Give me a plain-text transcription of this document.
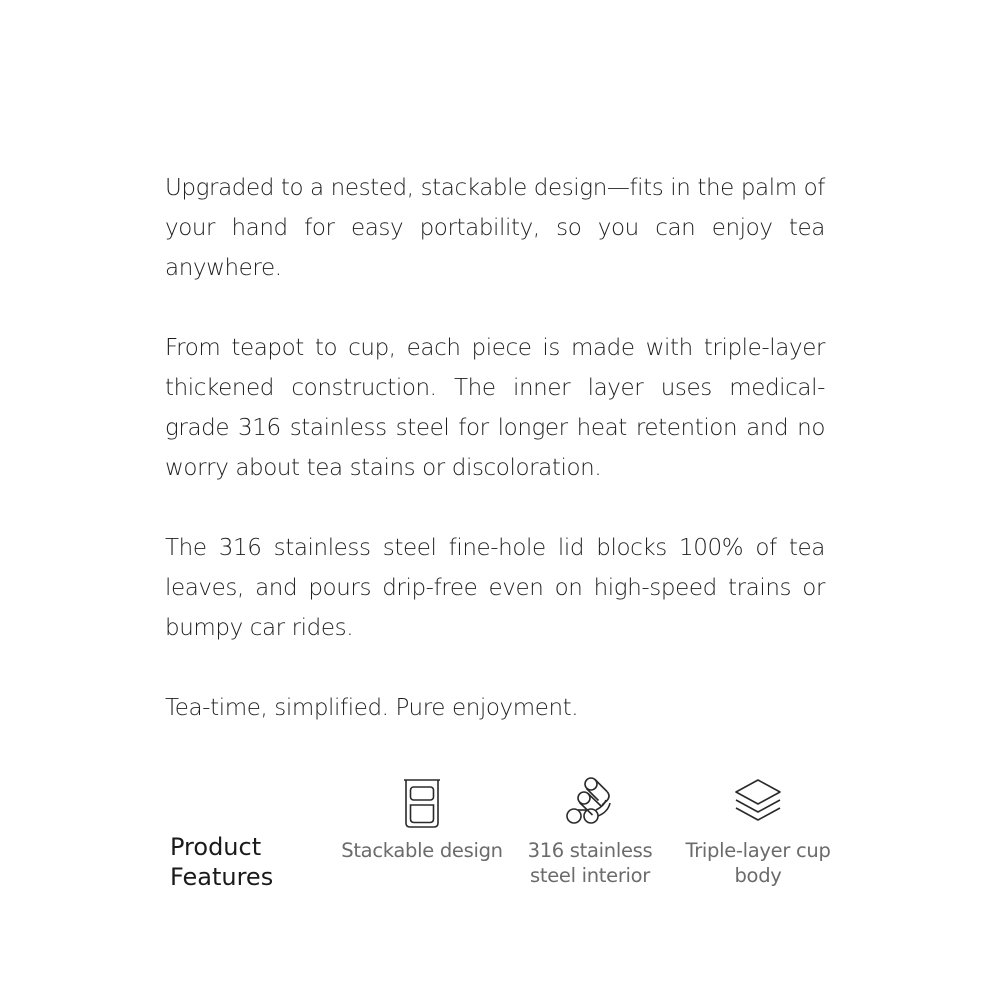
Upgraded to a nested, stackable design—fits in the palm of your hand for easy portability, so you can enjoy tea anywhere.

From teapot to cup, each piece is made with triple-layer thickened construction. The inner layer uses medical-grade 316 stainless steel for longer heat retention and no worry about tea stains or discoloration.

The 316 stainless steel fine-hole lid blocks 100% of tea leaves, and pours drip-free even on high-speed trains or bumpy car rides.

Tea-time, simplified. Pure enjoyment.

Product Features
Stackable design	316 stainless steel interior
Triple-layer cup body
